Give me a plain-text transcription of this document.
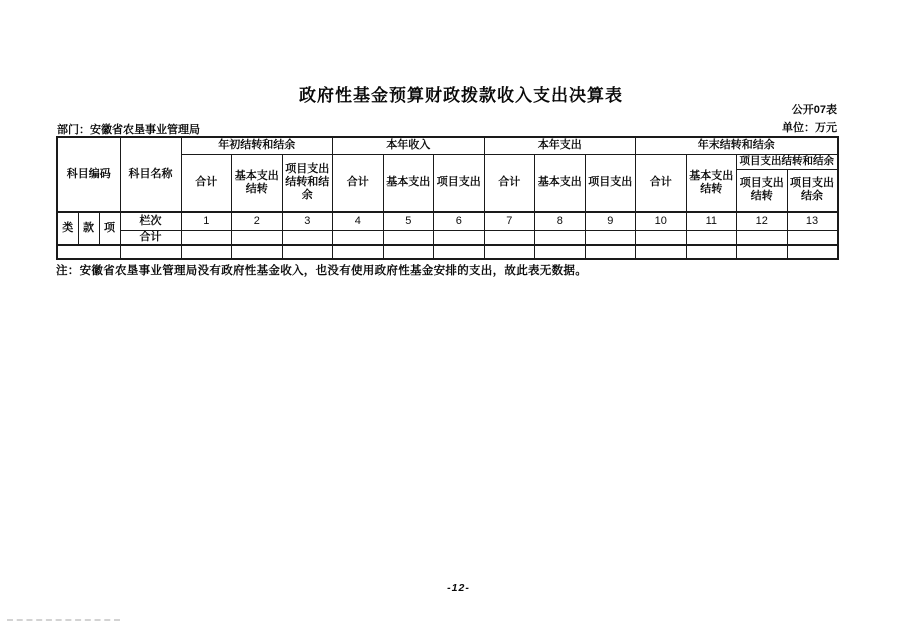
政府性基金预算财政拨款收入支出决算表
公开07表
部门：安徽省农垦事业管理局	单位：万元
科目编码			科目名称	年初结转和结余			本年收入			本年支出			年末结转和结余			
				合计	基本支出结转	项目支出结转和结余	合计	基本支出	项目支出	合计	基本支出	项目支出	合计	基本支出结转	项目支出结转和结余	
															项目支出结转	项目支出结余
类	款	项	栏次	1	2	3	4	5	6	7	8	9	10	11	12	13
			合计													

注：安徽省农垦事业管理局没有政府性基金收入，也没有使用政府性基金安排的支出，故此表无数据。
-12-
